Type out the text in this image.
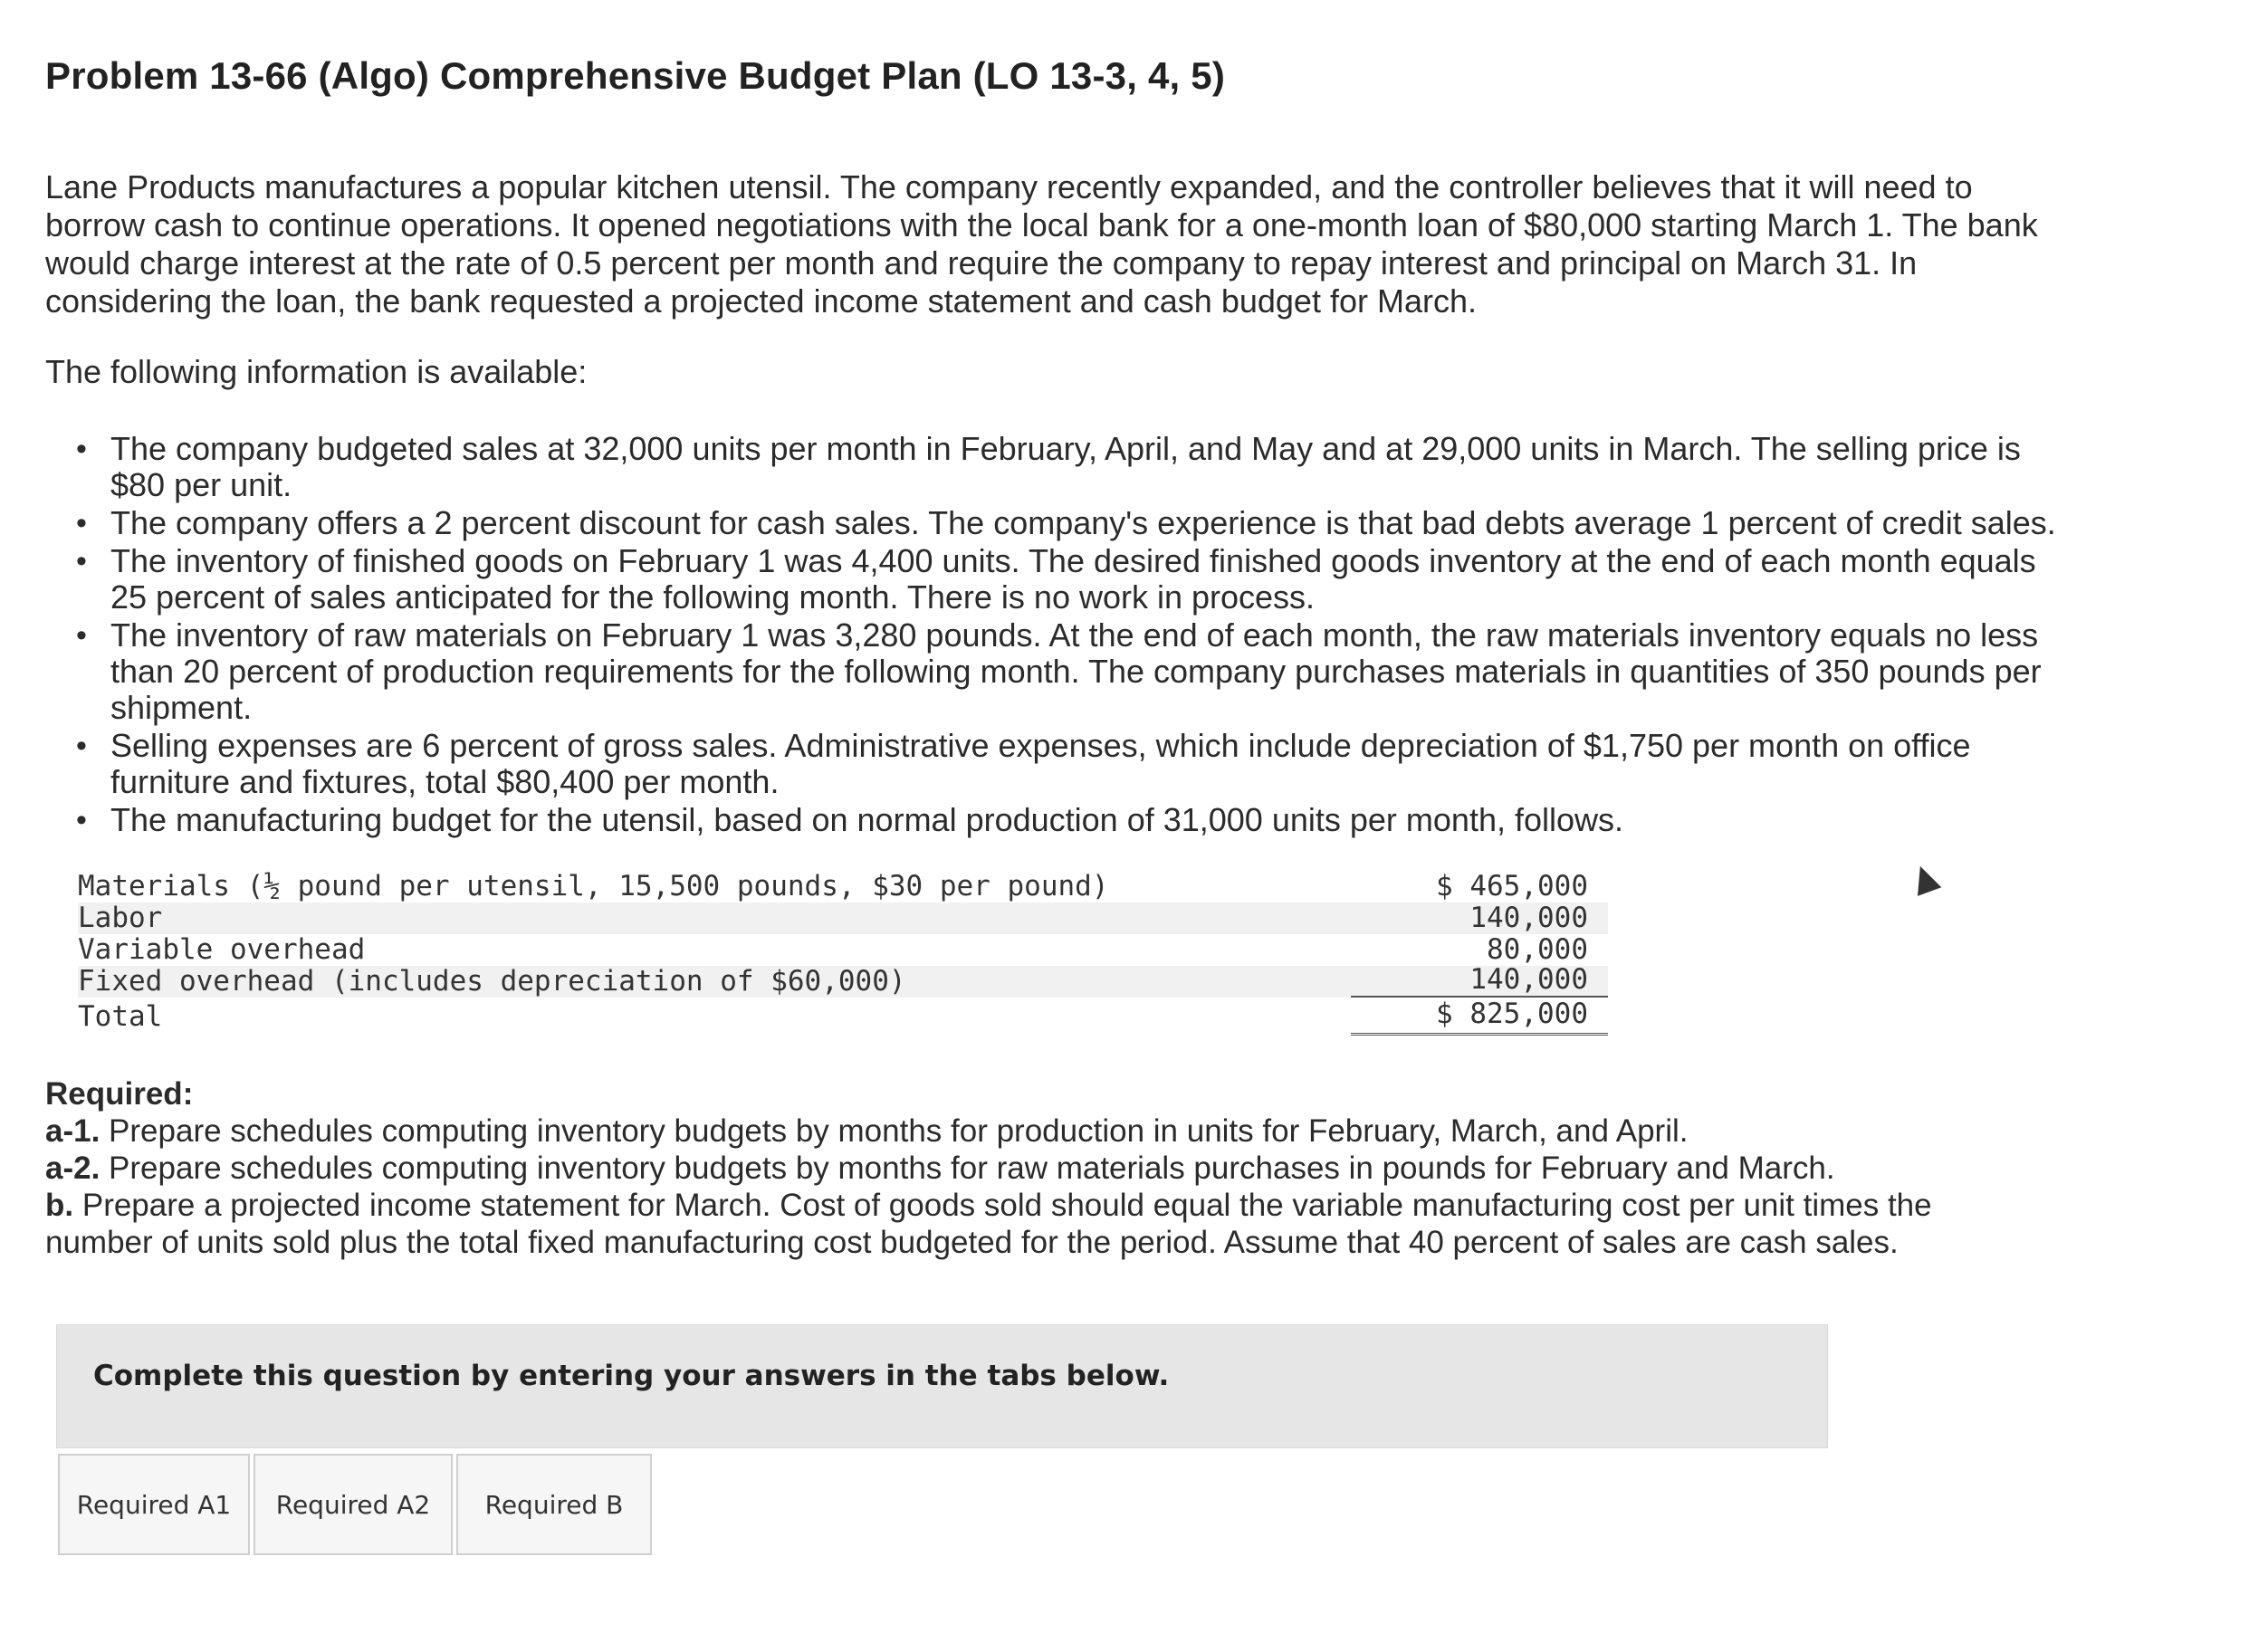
Problem 13-66 (Algo) Comprehensive Budget Plan (LO 13-3, 4, 5)
Lane Products manufactures a popular kitchen utensil. The company recently expanded, and the controller believes that it will need to borrow cash to continue operations. It opened negotiations with the local bank for a one-month loan of $80,000 starting March 1. The bank would charge interest at the rate of 0.5 percent per month and require the company to repay interest and principal on March 31. In considering the loan, the bank requested a projected income statement and cash budget for March.
The following information is available:
• The company budgeted sales at 32,000 units per month in February, April, and May and at 29,000 units in March. The selling price is $80 per unit.
• The company offers a 2 percent discount for cash sales. The company's experience is that bad debts average 1 percent of credit sales.
• The inventory of finished goods on February 1 was 4,400 units. The desired finished goods inventory at the end of each month equals 25 percent of sales anticipated for the following month. There is no work in process.
• The inventory of raw materials on February 1 was 3,280 pounds. At the end of each month, the raw materials inventory equals no less than 20 percent of production requirements for the following month. The company purchases materials in quantities of 350 pounds per shipment.
• Selling expenses are 6 percent of gross sales. Administrative expenses, which include depreciation of $1,750 per month on office furniture and fixtures, total $80,400 per month.
• The manufacturing budget for the utensil, based on normal production of 31,000 units per month, follows.
Materials (½ pound per utensil, 15,500 pounds, $30 per pound)	$ 465,000
Labor	140,000
Variable overhead	80,000
Fixed overhead (includes depreciation of $60,000)	140,000
Total	$ 825,000
Required:
a-1. Prepare schedules computing inventory budgets by months for production in units for February, March, and April.
a-2. Prepare schedules computing inventory budgets by months for raw materials purchases in pounds for February and March.
b. Prepare a projected income statement for March. Cost of goods sold should equal the variable manufacturing cost per unit times the number of units sold plus the total fixed manufacturing cost budgeted for the period. Assume that 40 percent of sales are cash sales.
Complete this question by entering your answers in the tabs below.
Required A1	Required A2	Required B
